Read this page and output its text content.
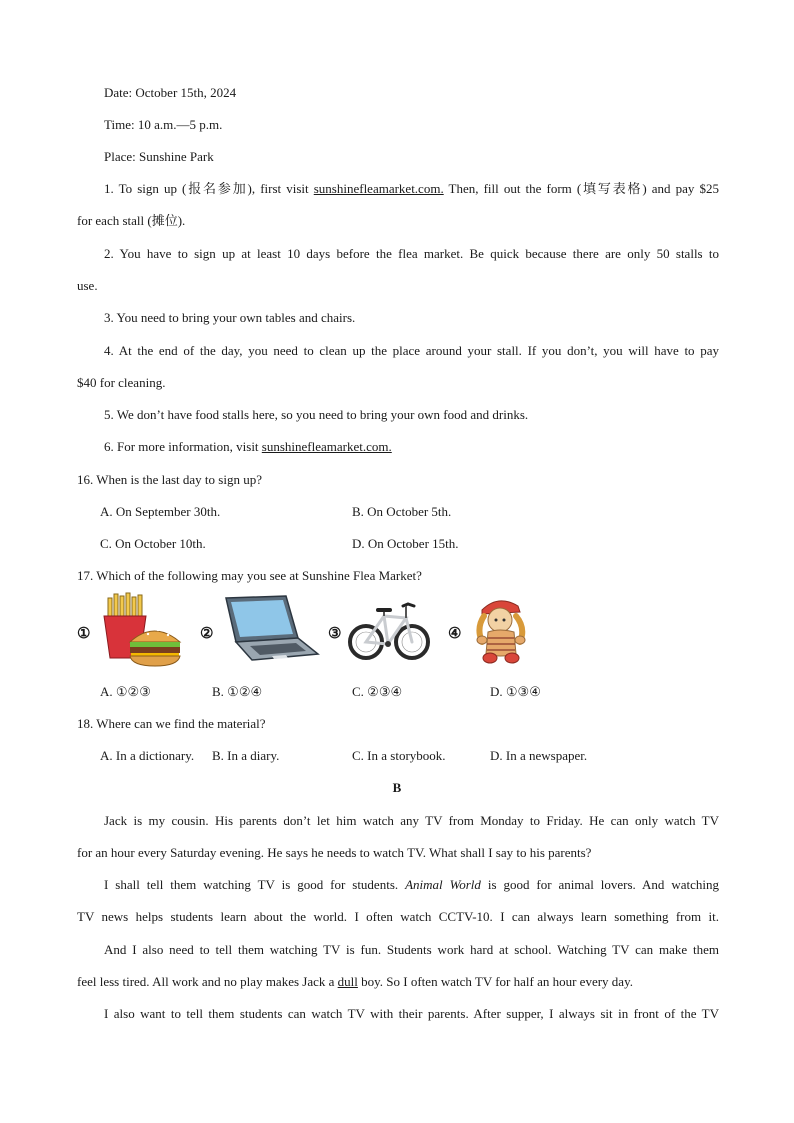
Date: October 15th, 2024
Time: 10 a.m.—5 p.m.
Place: Sunshine Park
1. To sign up (报名参加), first visit sunshinefleamarket.com. Then, fill out the form (填写表格) and pay $25
for each stall (摊位).
2. You have to sign up at least 10 days before the flea market. Be quick because there are only 50 stalls to
use.
3. You need to bring your own tables and chairs.
4. At the end of the day, you need to clean up the place around your stall. If you don’t, you will have to pay
$40 for cleaning.
5. We don’t have food stalls here, so you need to bring your own food and drinks.
6. For more information, visit sunshinefleamarket.com.
16. When is the last day to sign up?
A. On September 30th.	B. On October 5th.
C. On October 10th.	D. On October 15th.
17. Which of the following may you see at Sunshine Flea Market?
①	②	③	④
A. ①②③	B. ①②④	C. ②③④	D. ①③④
18. Where can we find the material?
A. In a dictionary. B. In a diary.	C. In a storybook.	D. In a newspaper.
B
Jack is my cousin. His parents don’t let him watch any TV from Monday to Friday. He can only watch TV
for an hour every Saturday evening. He says he needs to watch TV. What shall I say to his parents?
I shall tell them watching TV is good for students. Animal World is good for animal lovers. And watching
TV news helps students learn about the world. I often watch CCTV-10. I can always learn something from it.
And I also need to tell them watching TV is fun. Students work hard at school. Watching TV can make them
feel less tired. All work and no play makes Jack a dull boy. So I often watch TV for half an hour every day.
I also want to tell them students can watch TV with their parents. After supper, I always sit in front of the TV
